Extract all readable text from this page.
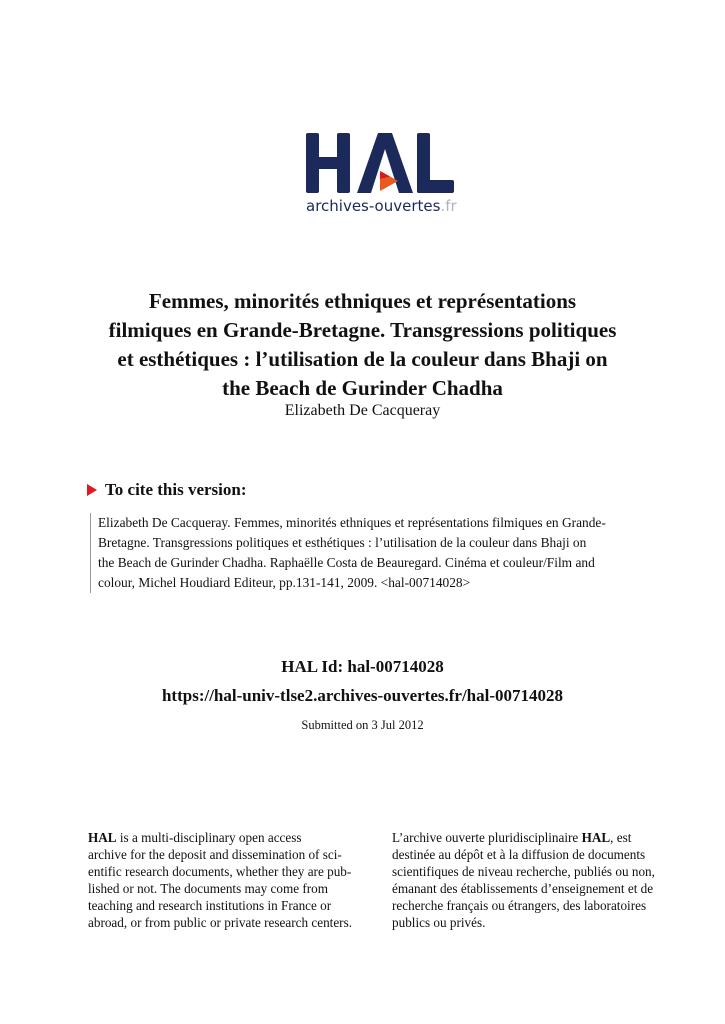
archives-ouvertes.fr
Femmes, minorités ethniques et représentations
filmiques en Grande-Bretagne. Transgressions politiques
et esthétiques : l’utilisation de la couleur dans Bhaji on
the Beach de Gurinder Chadha
Elizabeth De Cacqueray
To cite this version:
Elizabeth De Cacqueray. Femmes, minorités ethniques et représentations filmiques en Grande-
Bretagne. Transgressions politiques et esthétiques : l’utilisation de la couleur dans Bhaji on
the Beach de Gurinder Chadha. Raphaëlle Costa de Beauregard. Cinéma et couleur/Film and
colour, Michel Houdiard Editeur, pp.131-141, 2009. <hal-00714028>
HAL Id: hal-00714028
https://hal-univ-tlse2.archives-ouvertes.fr/hal-00714028
Submitted on 3 Jul 2012
HAL is a multi-disciplinary open access
archive for the deposit and dissemination of sci-
entific research documents, whether they are pub-
lished or not. The documents may come from
teaching and research institutions in France or
abroad, or from public or private research centers.
L’archive ouverte pluridisciplinaire HAL, est
destinée au dépôt et à la diffusion de documents
scientifiques de niveau recherche, publiés ou non,
émanant des établissements d’enseignement et de
recherche français ou étrangers, des laboratoires
publics ou privés.
